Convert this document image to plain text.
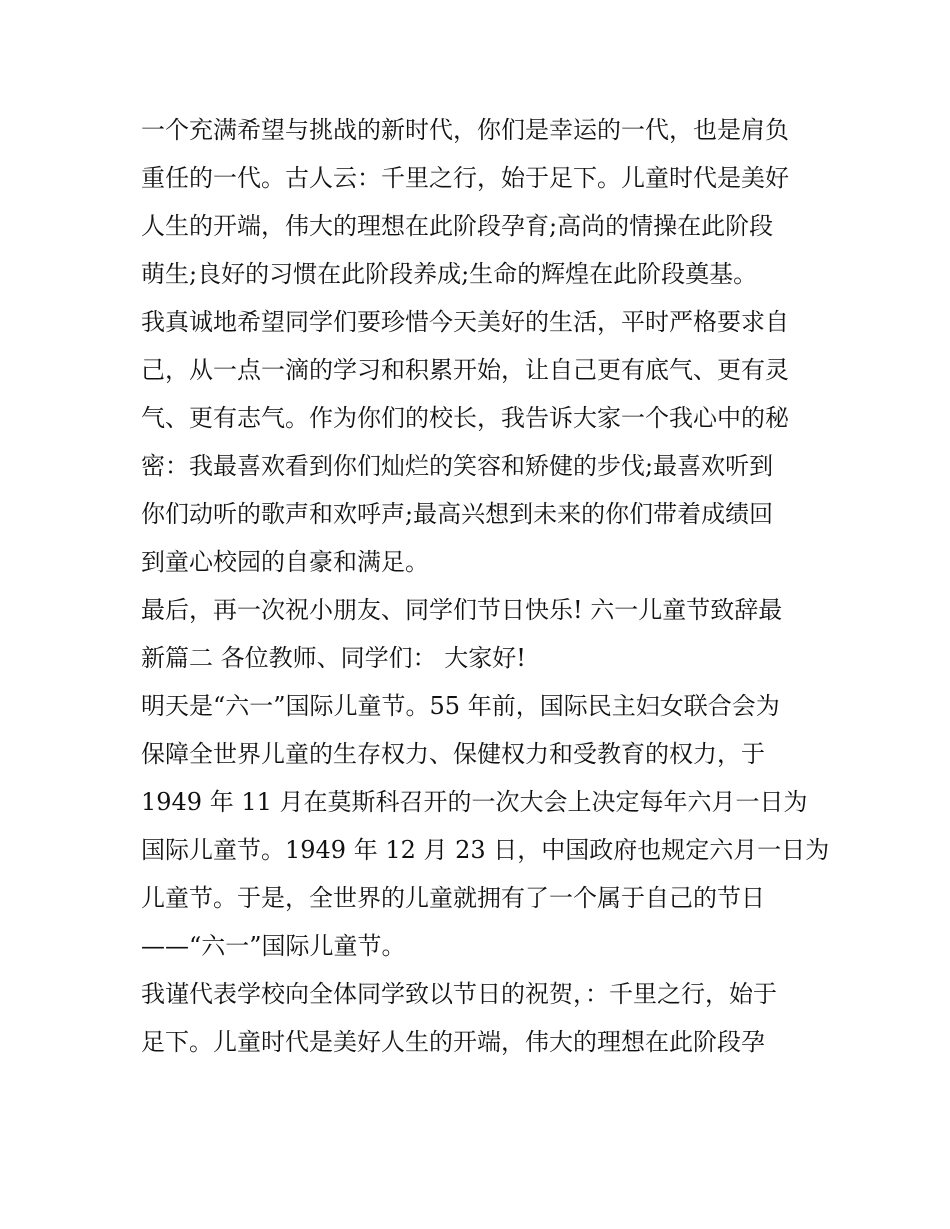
一个充满希望与挑战的新时代，你们是幸运的一代，也是肩负
重任的一代。古人云：千里之行，始于足下。儿童时代是美好
人生的开端，伟大的理想在此阶段孕育;高尚的情操在此阶段
萌生;良好的习惯在此阶段养成;生命的辉煌在此阶段奠基。
我真诚地希望同学们要珍惜今天美好的生活，平时严格要求自
己，从一点一滴的学习和积累开始，让自己更有底气、更有灵
气、更有志气。作为你们的校长，我告诉大家一个我心中的秘
密：我最喜欢看到你们灿烂的笑容和矫健的步伐;最喜欢听到
你们动听的歌声和欢呼声;最高兴想到未来的你们带着成绩回
到童心校园的自豪和满足。
最后，再一次祝小朋友、同学们节日快乐! 六一儿童节致辞最
新篇二 各位教师、同学们： 大家好!
明天是“六一”国际儿童节。55 年前，国际民主妇女联合会为
保障全世界儿童的生存权力、保健权力和受教育的权力，于
1949 年 11 月在莫斯科召开的一次大会上决定每年六月一日为
国际儿童节。1949 年 12 月 23 日，中国政府也规定六月一日为
儿童节。于是，全世界的儿童就拥有了一个属于自己的节日
——“六一”国际儿童节。
我谨代表学校向全体同学致以节日的祝贺，：千里之行，始于
足下。儿童时代是美好人生的开端，伟大的理想在此阶段孕
